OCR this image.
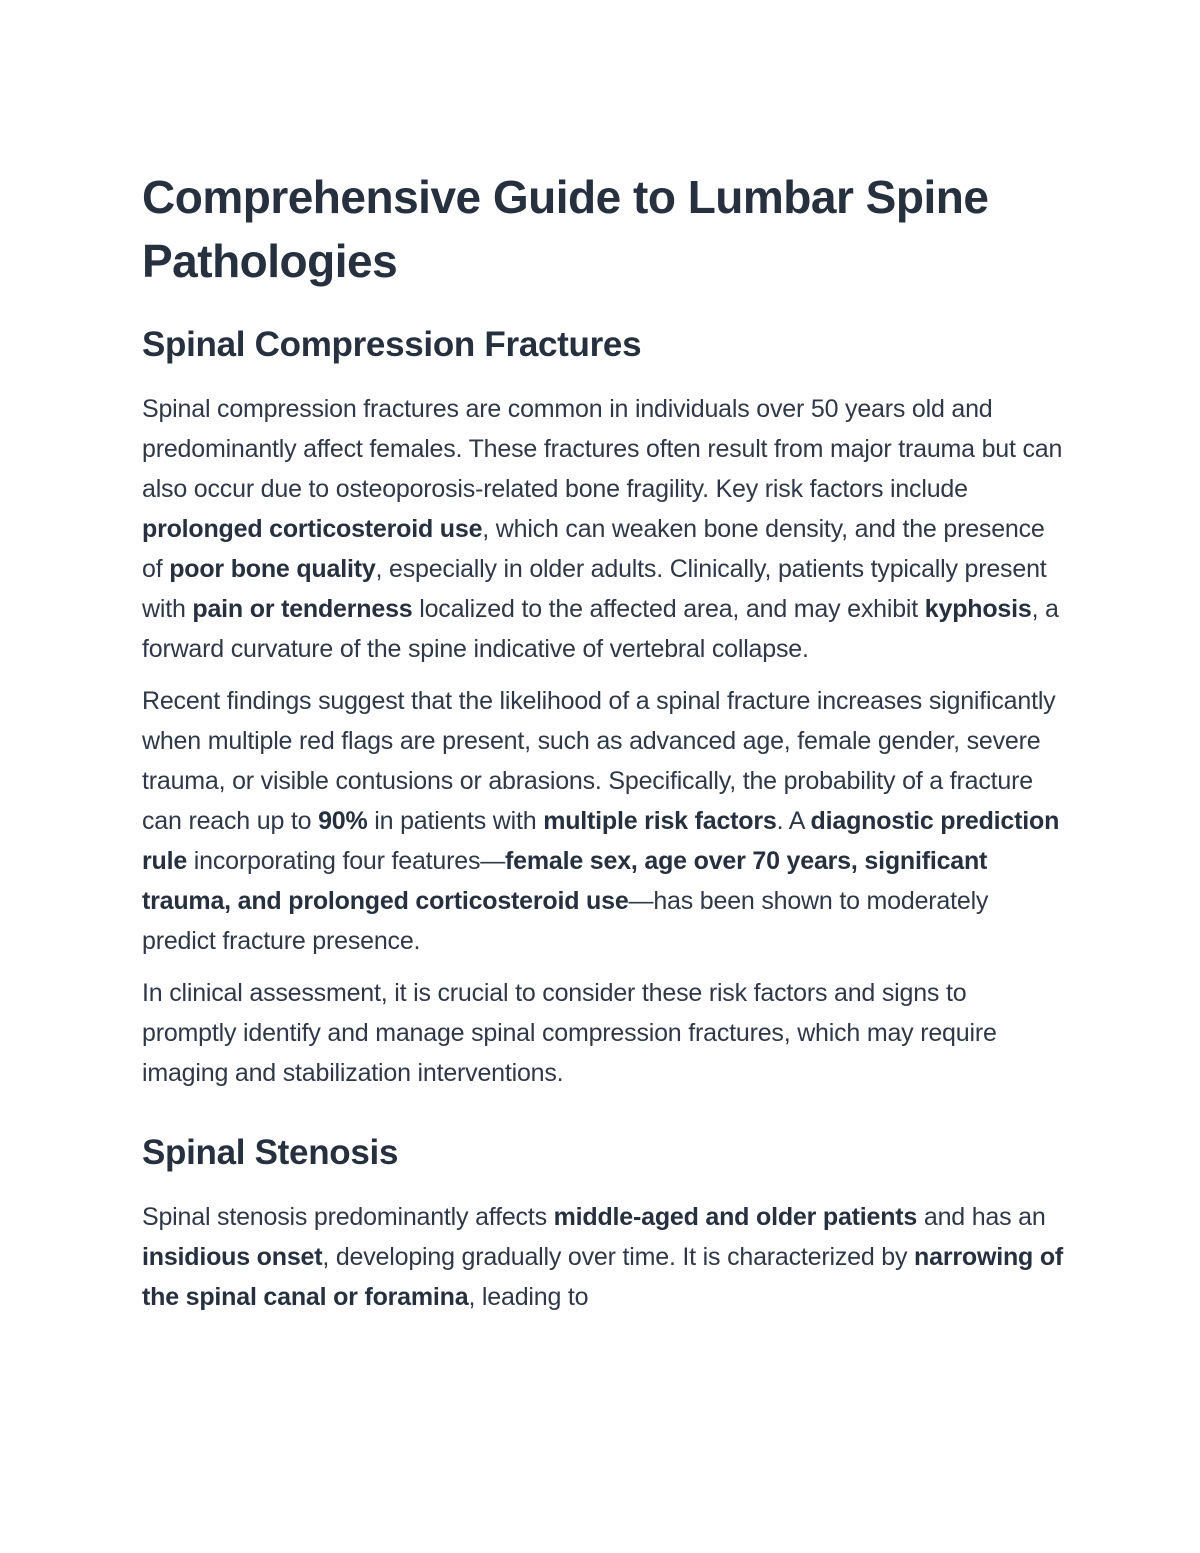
Comprehensive Guide to Lumbar Spine Pathologies
Spinal Compression Fractures

Spinal compression fractures are common in individuals over 50 years old and predominantly affect females. These fractures often result from major trauma but can also occur due to osteoporosis-related bone fragility. Key risk factors include prolonged corticosteroid use, which can weaken bone density, and the presence of poor bone quality, especially in older adults. Clinically, patients typically present with pain or tenderness localized to the affected area, and may exhibit kyphosis, a forward curvature of the spine indicative of vertebral collapse.

Recent findings suggest that the likelihood of a spinal fracture increases significantly when multiple red flags are present, such as advanced age, female gender, severe trauma, or visible contusions or abrasions. Specifically, the probability of a fracture can reach up to 90% in patients with multiple risk factors. A diagnostic prediction rule incorporating four features—female sex, age over 70 years, significant trauma, and prolonged corticosteroid use—has been shown to moderately predict fracture presence.

In clinical assessment, it is crucial to consider these risk factors and signs to promptly identify and manage spinal compression fractures, which may require imaging and stabilization interventions.

Spinal Stenosis

Spinal stenosis predominantly affects middle-aged and older patients and has an insidious onset, developing gradually over time. It is characterized by narrowing of the spinal canal or foramina, leading to
